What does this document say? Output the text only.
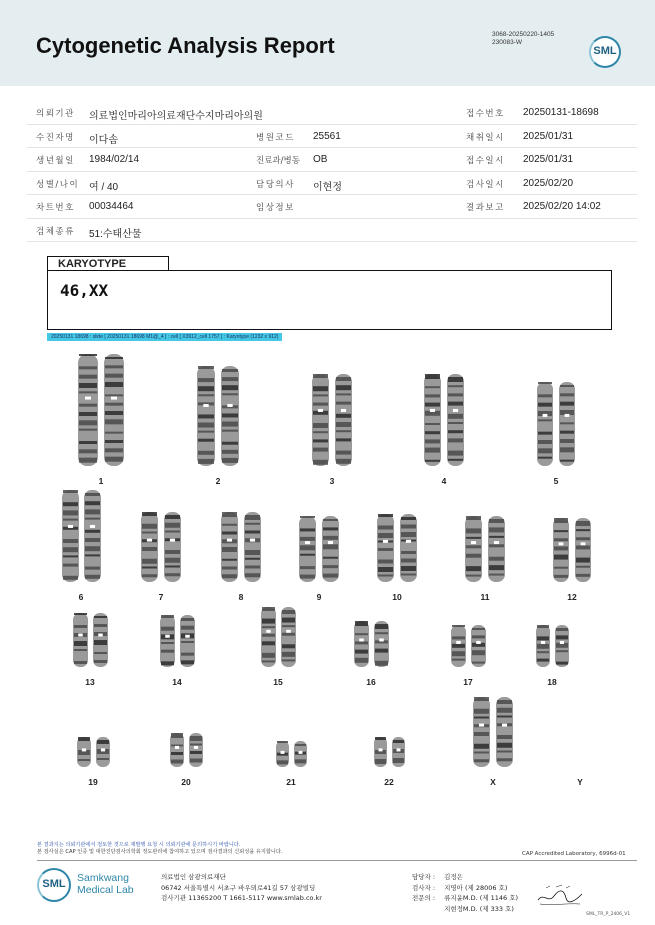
Cytogenetic Analysis Report	3068-20250220-1405
230083-W
SML
의뢰기관 의료법인마리아의료재단수지마리아의원	접수번호 20250131-18698
수진자명 이다솜	병원코드 25561	채취일시 2025/01/31
생년월일 1984/02/14	진료과/병동 OB	접수일시 2025/01/31
성별/나이 여 / 40	담당의사 이현정	검사일시 2025/02/20
차트번호 00034464	임상정보	결과보고 2025/02/20 14:02
검체종류 51:수태산물
KARYOTYPE
46,XX
20250131 18698 : slide [ 20250131 18698 M1@_4 ] : cell [ X3912_cell 1757 ] : Karyotype (1232 x 912)
1	2	3	4	5
6	7	8	9	10	11	12
13	14	15	16	17	18
19	20	21	22	X	Y
본 결과지는 의뢰기관에서 검토한 것으로 재발행 요청 시 의뢰기관에 문의하시기 바랍니다.
본 검사실은 CAP 인증 및 대한진단검사의학회 정도관리에 참여하고 있으며 검사결과의 신뢰성을 유지합니다.	CAP Accredited Laboratory, 6996d-01
SML	Samkwang
Medical Lab
의료법인 삼광의료재단
06742 서울특별시 서초구 바우뫼로41길 57 삼광빌딩
검사기관 11365200 T 1661-5117 www.smlab.co.kr
담당자 : 김정은
검사자 : 지영아 (제 28006 호)
전문의 : 류지윤M.D. (제 1146 호)
지현정M.D. (제 333 호)
SML_TR_P_2406_V1
